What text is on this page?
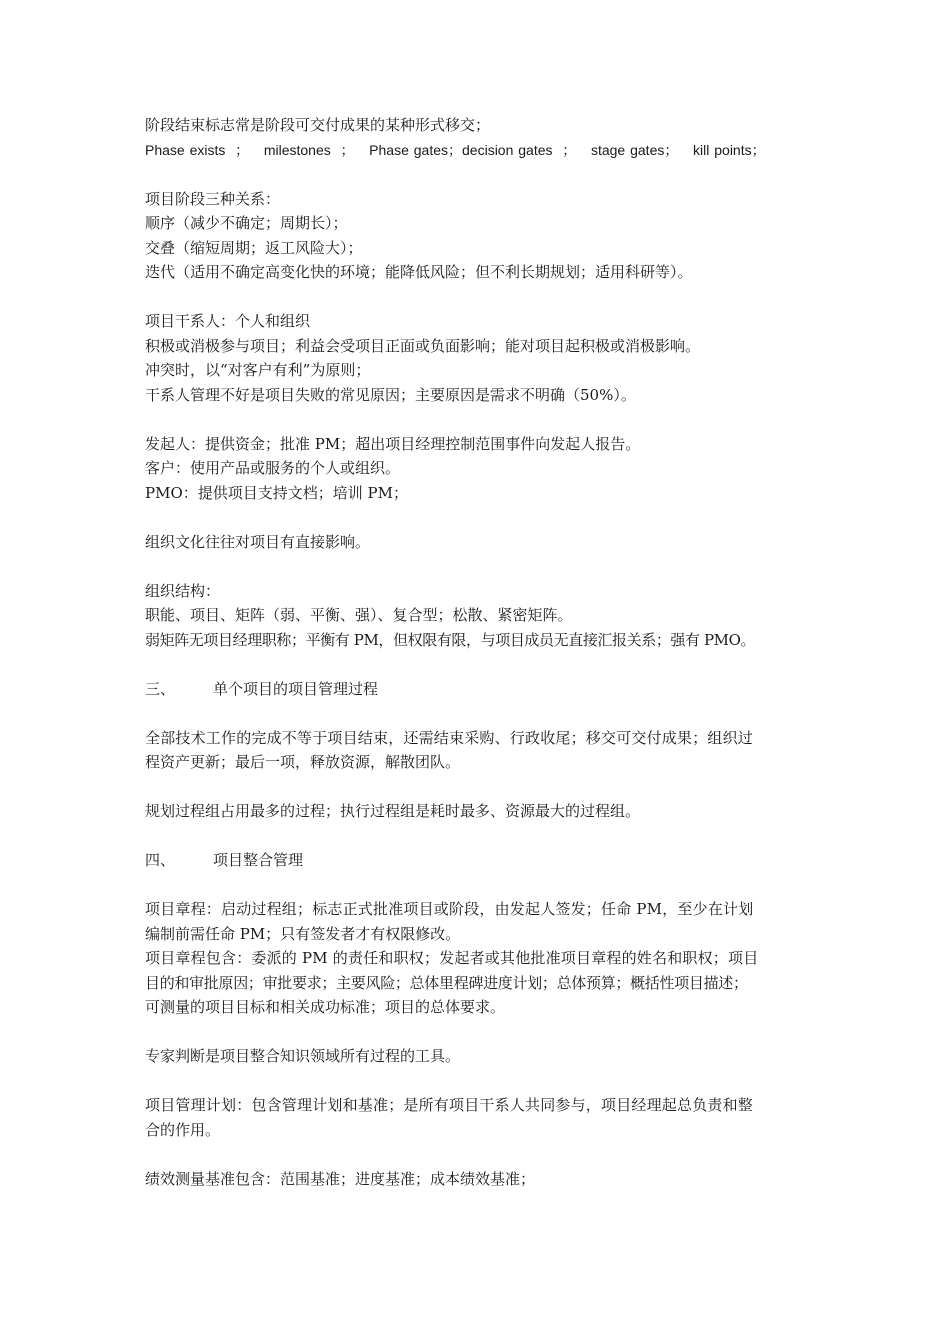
阶段结束标志常是阶段可交付成果的某种形式移交；
Phase exists  ；   milestones  ；   Phase gates；decision gates  ；   stage gates；   kill points；
项目阶段三种关系：
顺序（减少不确定；周期长）；
交叠（缩短周期；返工风险大）；
迭代（适用不确定高变化快的环境；能降低风险；但不利长期规划；适用科研等）。
项目干系人：个人和组织
积极或消极参与项目；利益会受项目正面或负面影响；能对项目起积极或消极影响。
冲突时，以“对客户有利”为原则；
干系人管理不好是项目失败的常见原因；主要原因是需求不明确（50%）。
发起人：提供资金；批准 PM；超出项目经理控制范围事件向发起人报告。
客户：使用产品或服务的个人或组织。
PMO：提供项目支持文档；培训 PM；
组织文化往往对项目有直接影响。
组织结构：
职能、项目、矩阵（弱、平衡、强）、复合型；松散、紧密矩阵。
弱矩阵无项目经理职称；平衡有 PM，但权限有限，与项目成员无直接汇报关系；强有 PMO。
三、	单个项目的项目管理过程
全部技术工作的完成不等于项目结束，还需结束采购、行政收尾；移交可交付成果；组织过
程资产更新；最后一项，释放资源，解散团队。
规划过程组占用最多的过程；执行过程组是耗时最多、资源最大的过程组。
四、	项目整合管理
项目章程：启动过程组；标志正式批准项目或阶段，由发起人签发；任命 PM，至少在计划
编制前需任命 PM；只有签发者才有权限修改。
项目章程包含：委派的 PM 的责任和职权；发起者或其他批准项目章程的姓名和职权；项目
目的和审批原因；审批要求；主要风险；总体里程碑进度计划；总体预算；概括性项目描述；
可测量的项目目标和相关成功标准；项目的总体要求。
专家判断是项目整合知识领域所有过程的工具。
项目管理计划：包含管理计划和基准；是所有项目干系人共同参与，项目经理起总负责和整
合的作用。
绩效测量基准包含：范围基准；进度基准；成本绩效基准；
